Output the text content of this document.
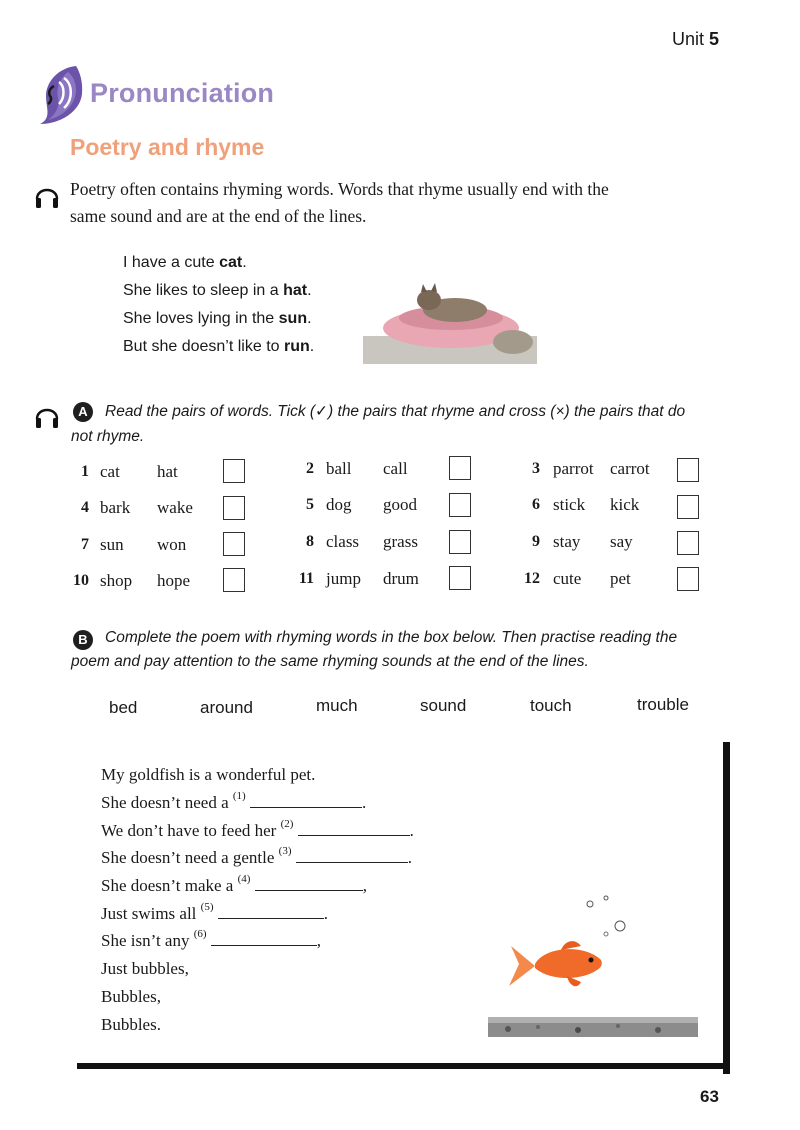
Unit 5
Pronunciation
Poetry and rhyme
Poetry often contains rhyming words. Words that rhyme usually end with the
same sound and are at the end of the lines.
I have a cute cat.
She likes to sleep in a hat.
She loves lying in the sun.
But she doesn’t like to run.
A	Read the pairs of words. Tick (✓) the pairs that rhyme and cross (×) the pairs that do
not rhyme.
1 cat hat	2 ball call	3 parrot carrot
4 bark wake	5 dog good	6 stick kick
7 sun won	8 class grass	9 stay say
10 shop hope	11 jump drum	12 cute pet
B	Complete the poem with rhyming words in the box below. Then practise reading the
poem and pay attention to the same rhyming sounds at the end of the lines.
bed	around	much	sound	touch	trouble
My goldfish is a wonderful pet.
She doesn’t need a $^{(1)}$	.
We don’t have to feed her $^{(2)}$	.
She doesn’t need a gentle $^{(3)}$	.
She doesn’t make a $^{(4)}$	,
Just swims all $^{(5)}$	.
She isn’t any $^{(6)}$	,
Just bubbles,
Bubbles,
Bubbles.
63
